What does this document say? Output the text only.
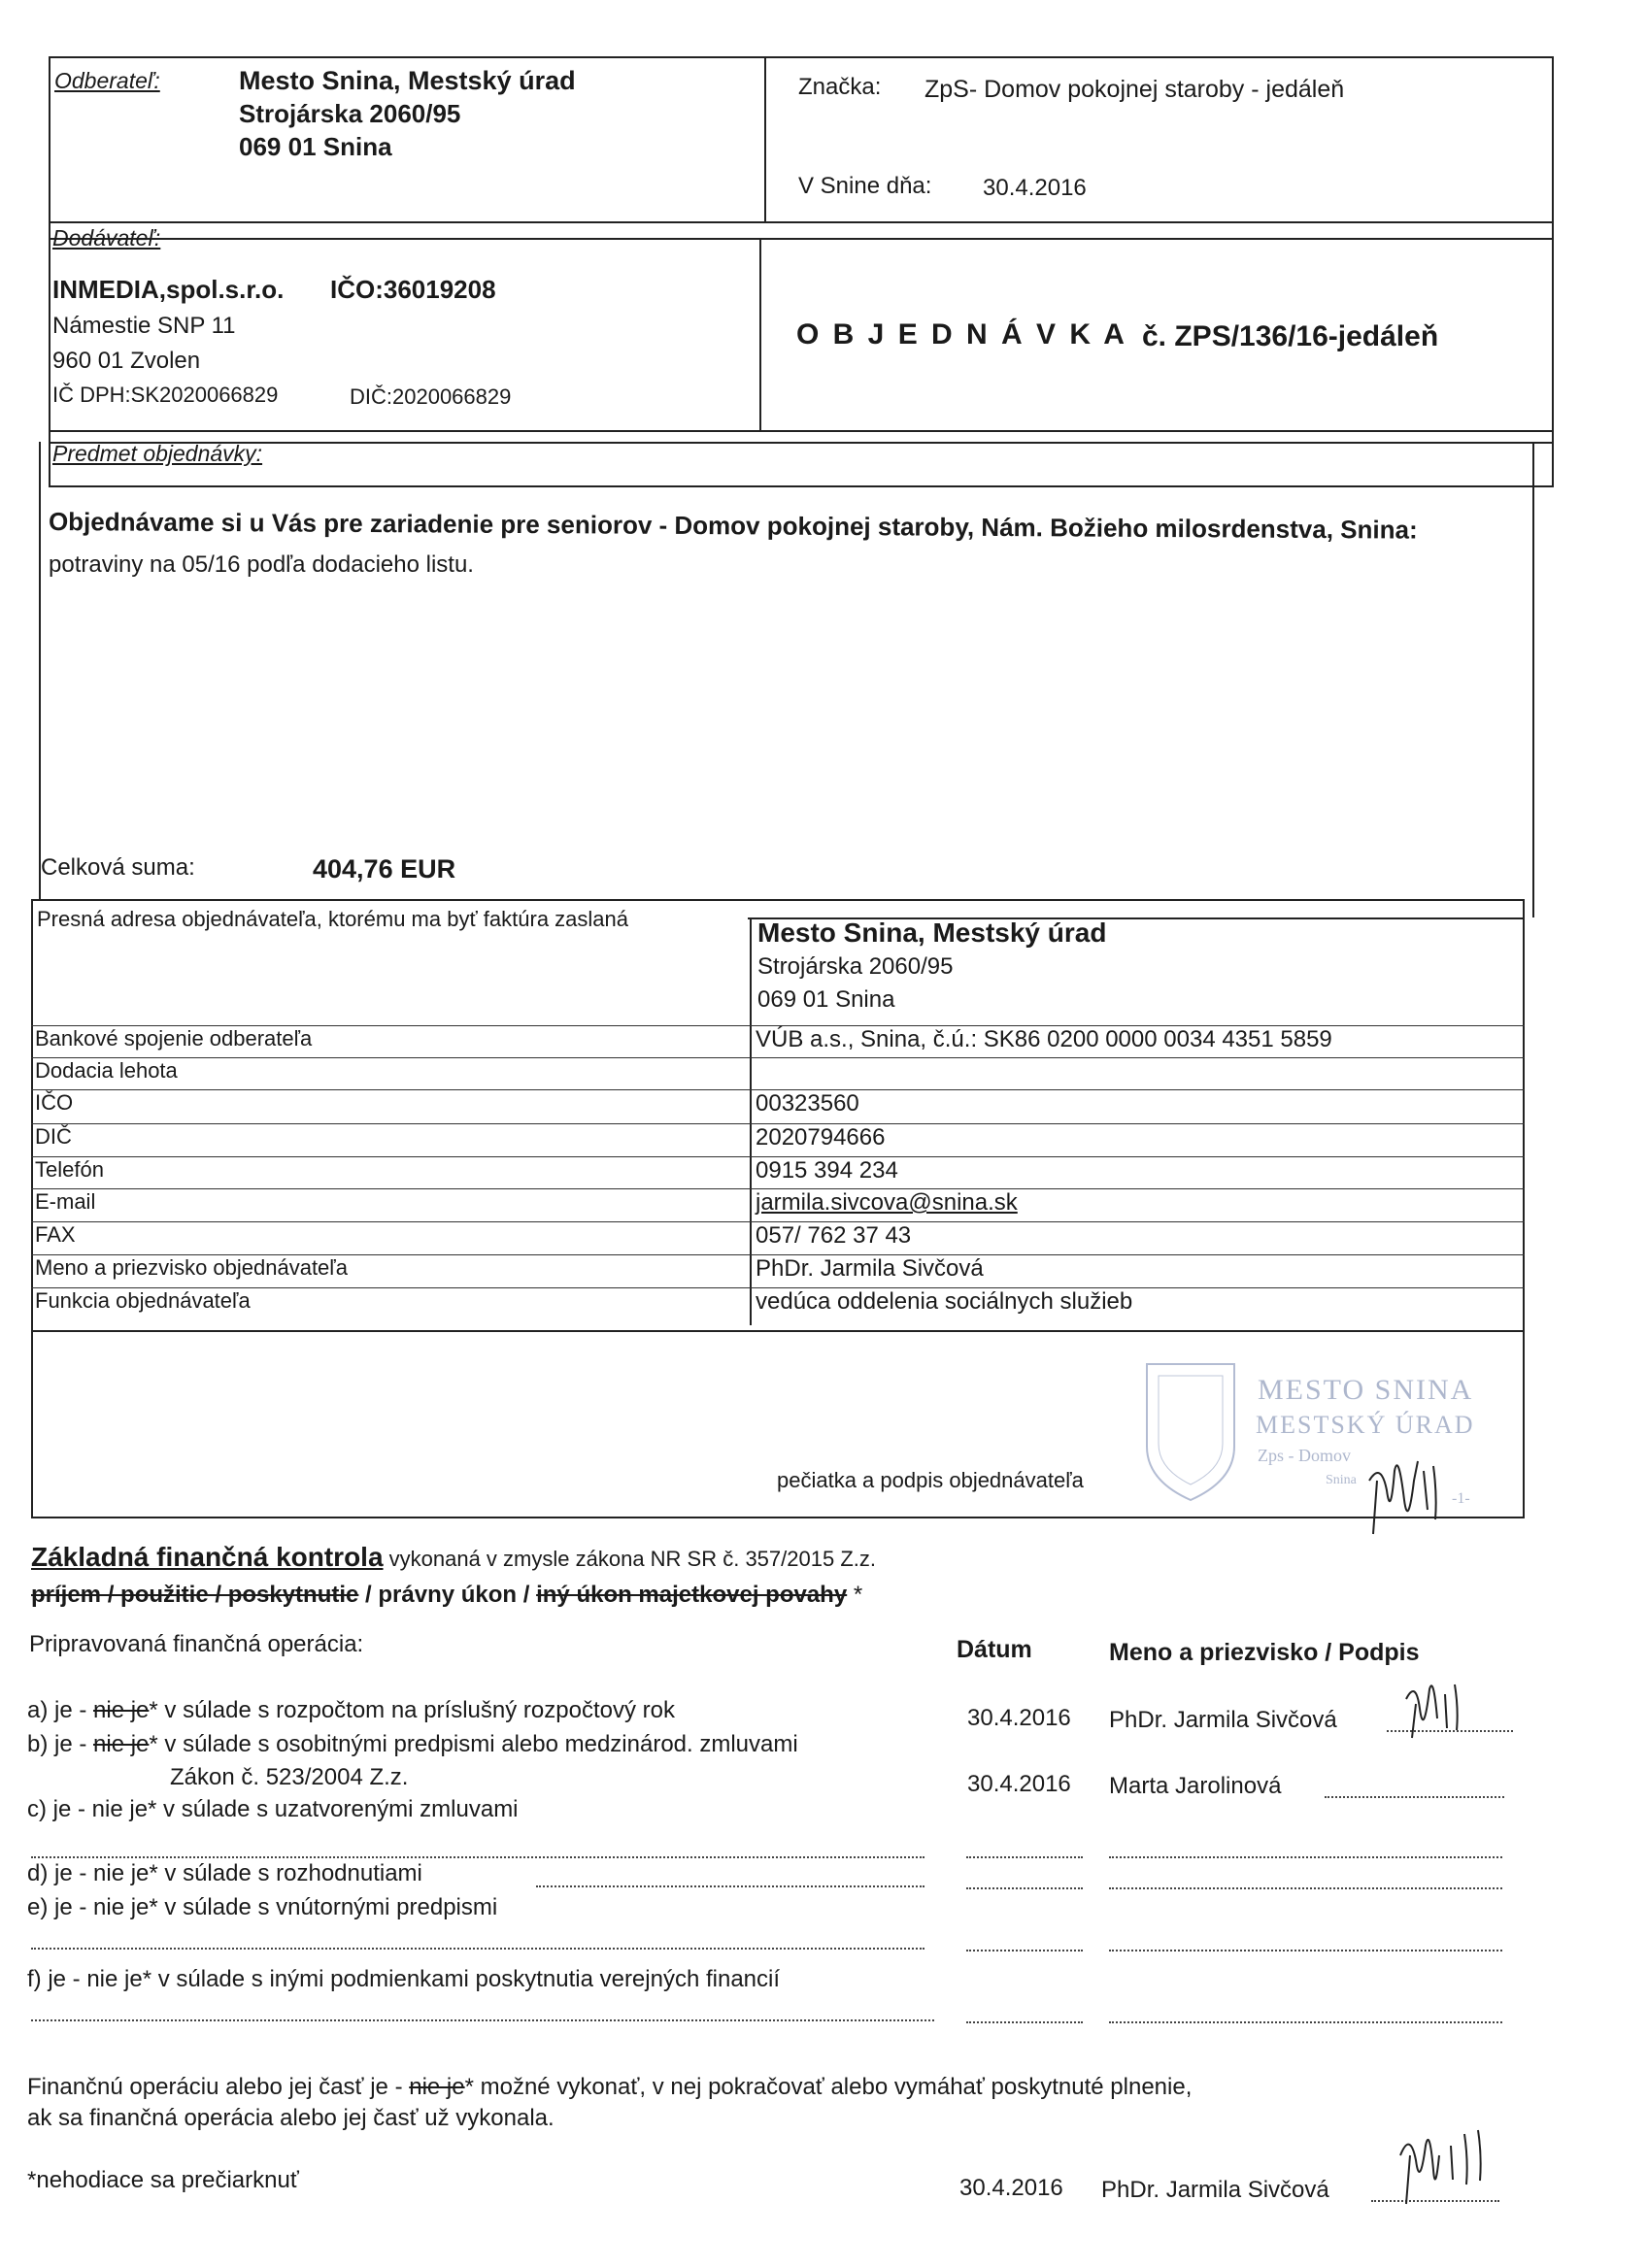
Odberateľ:	Mesto Snina, Mestský úrad
Strojárska 2060/95
069 01 Snina
Značka: ZpS- Domov pokojnej staroby - jedáleň
V Snine dňa: 30.4.2016
Dodávateľ:
INMEDIA,spol.s.r.o. IČO:36019208
Námestie SNP 11
960 01 Zvolen
IČ DPH:SK2020066829	DIČ:2020066829
O B J E D N Á V K A č. ZPS/136/16-jedáleň
Predmet objednávky:
Objednávame si u Vás pre zariadenie pre seniorov - Domov pokojnej staroby, Nám. Božieho milosrdenstva, Snina:
potraviny na 05/16 podľa dodacieho listu.
Celková suma:	404,76 EUR
Presná adresa objednávateľa, ktorému ma byť faktúra zaslaná	Mesto Snina, Mestský úrad
Strojárska 2060/95
069 01 Snina
Bankové spojenie odberateľa	VÚB a.s., Snina, č.ú.: SK86 0200 0000 0034 4351 5859
Dodacia lehota
IČO	00323560
DIČ	2020794666
Telefón	0915 394 234
E-mail	jarmila.sivcova@snina.sk
FAX	057/ 762 37 43
Meno a priezvisko objednávateľa	PhDr. Jarmila Sivčová
Funkcia objednávateľa	vedúca oddelenia sociálnych služieb
MESTO SNINA
MESTSKÝ ÚRAD
Zps - Domov
Snina
-1-
pečiatka a podpis objednávateľa
Základná finančná kontrola vykonaná v zmysle zákona NR SR č. 357/2015 Z.z.
príjem / použitie / poskytnutie / právny úkon / iný úkon majetkovej povahy *
Pripravovaná finančná operácia:	Dátum	Meno a priezvisko / Podpis
a) je - nie je* v súlade s rozpočtom na príslušný rozpočtový rok	30.4.2016 PhDr. Jarmila Sivčová
b) je - nie je* v súlade s osobitnými predpismi alebo medzinárod. zmluvami
Zákon č. 523/2004 Z.z.	30.4.2016 Marta Jarolinová
c) je - nie je* v súlade s uzatvorenými zmluvami
d) je - nie je* v súlade s rozhodnutiami
e) je - nie je* v súlade s vnútornými predpismi
f) je - nie je* v súlade s inými podmienkami poskytnutia verejných financií
Finančnú operáciu alebo jej časť je - nie je* možné vykonať, v nej pokračovať alebo vymáhať poskytnuté plnenie,
ak sa finančná operácia alebo jej časť už vykonala.
*nehodiace sa prečiarknuť	30.4.2016 PhDr. Jarmila Sivčová
